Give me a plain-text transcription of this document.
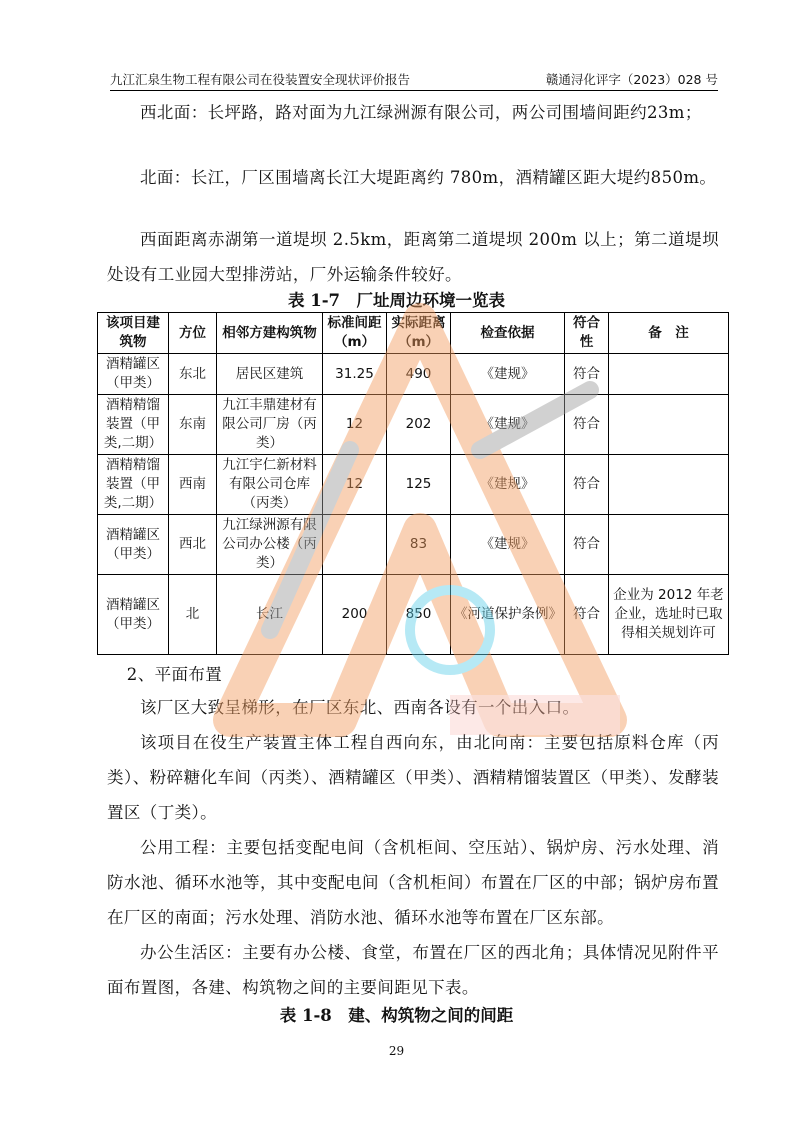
九江汇泉生物工程有限公司在役装置安全现状评价报告	赣通浔化评字（2023）028 号

西北面：长坪路，路对面为九江绿洲源有限公司，两公司围墙间距约23m；

北面：长江，厂区围墙离长江大堤距离约 780m，酒精罐区距大堤约850m。

西面距离赤湖第一道堤坝 2.5km，距离第二道堤坝 200m 以上；第二道堤坝处设有工业园大型排涝站，厂外运输条件较好。

表 1-7　厂址周边环境一览表
该项目建筑物	方位	相邻方建构筑物	标准间距（m）	实际距离（m）	检查依据	符合性	备　注
酒精罐区（甲类）	东北	居民区建筑	31.25	490	《建规》	符合	
酒精精馏装置（甲类,二期）	东南	九江丰鼎建材有限公司厂房（丙类）	12	202	《建规》	符合	
酒精精馏装置（甲类,二期）	西南	九江宇仁新材料有限公司仓库（丙类）	12	125	《建规》	符合	
酒精罐区（甲类）	西北	九江绿洲源有限公司办公楼（丙类）		83	《建规》	符合	
酒精罐区（甲类）	北	长江	200	850	《河道保护条例》	符合	企业为 2012 年老企业，选址时已取得相关规划许可

2、平面布置

该厂区大致呈梯形，在厂区东北、西南各设有一个出入口。

该项目在役生产装置主体工程自西向东，由北向南：主要包括原料仓库（丙类）、粉碎糖化车间（丙类）、酒精罐区（甲类）、酒精精馏装置区（甲类）、发酵装置区（丁类）。

公用工程：主要包括变配电间（含机柜间、空压站）、锅炉房、污水处理、消防水池、循环水池等，其中变配电间（含机柜间）布置在厂区的中部；锅炉房布置在厂区的南面；污水处理、消防水池、循环水池等布置在厂区东部。

办公生活区：主要有办公楼、食堂，布置在厂区的西北角；具体情况见附件平面布置图，各建、构筑物之间的主要间距见下表。

表 1-8　建、构筑物之间的间距
29
